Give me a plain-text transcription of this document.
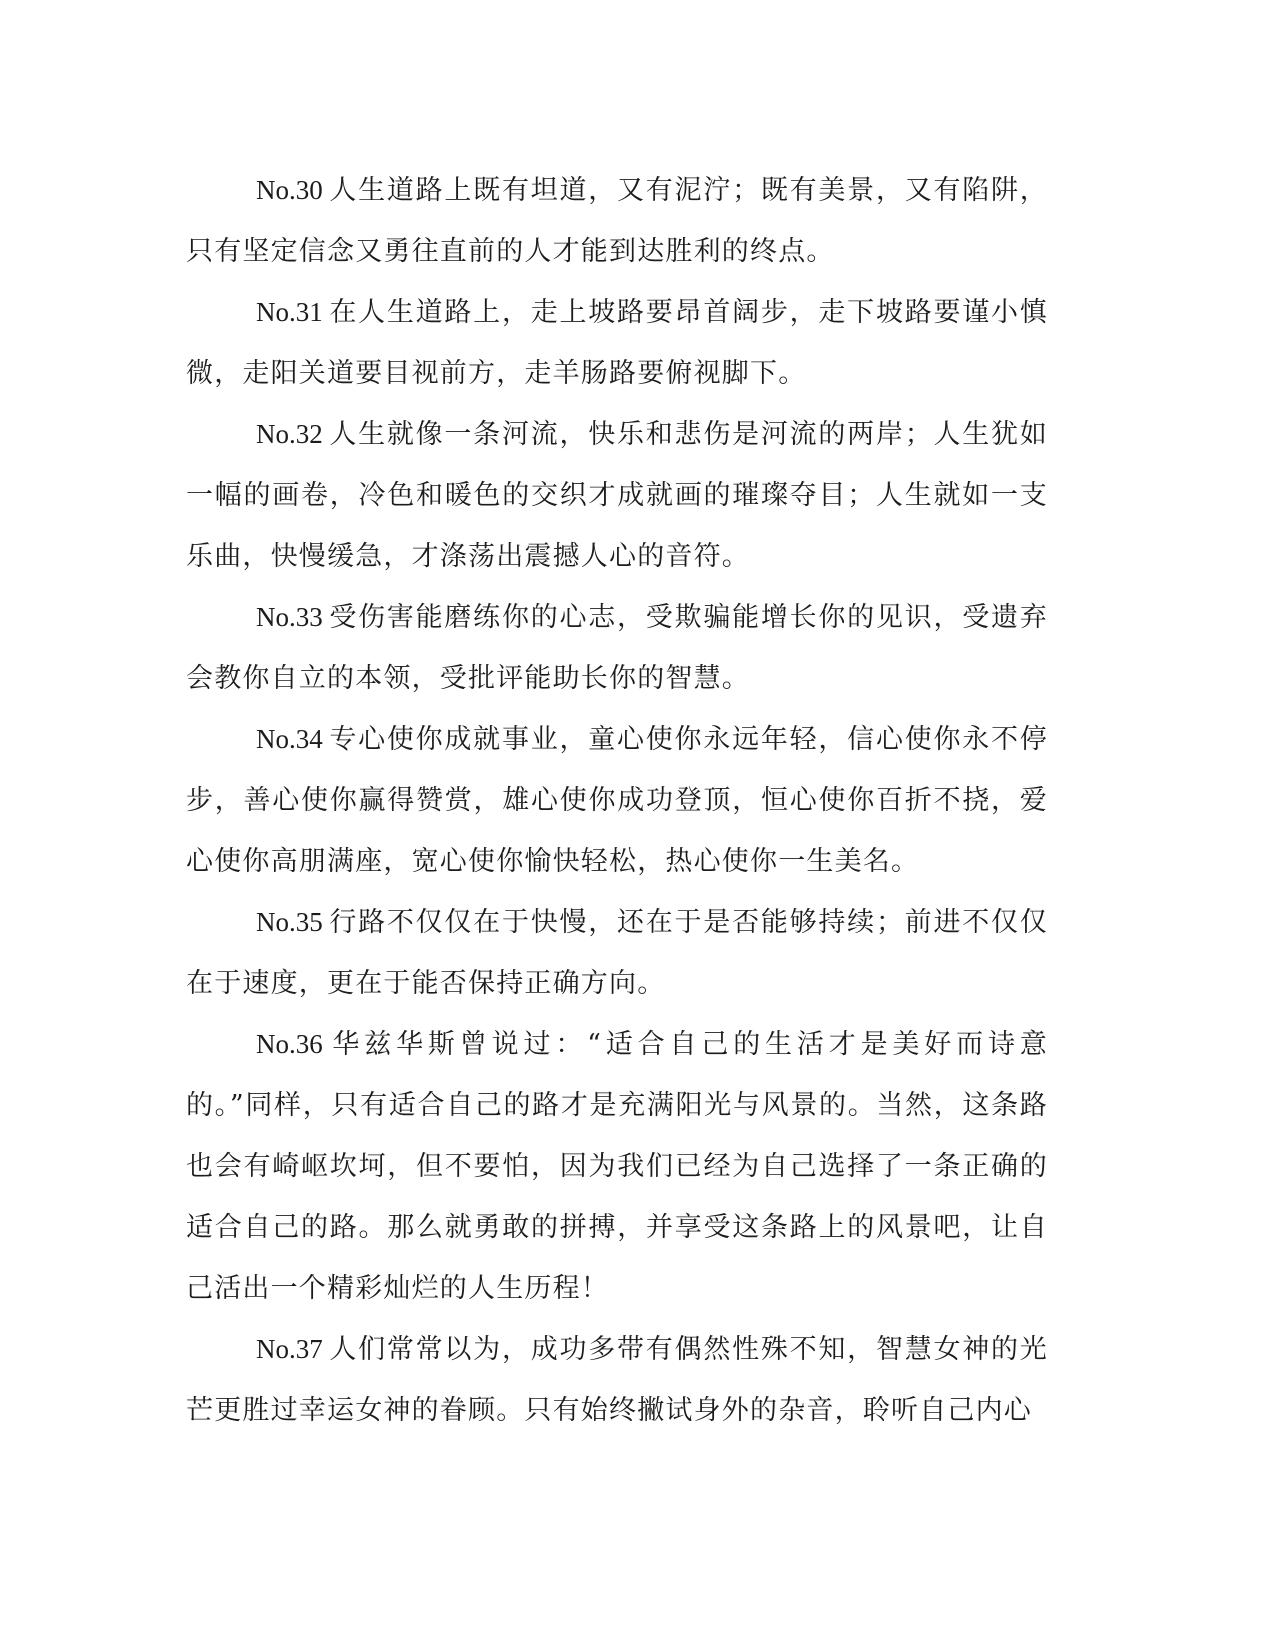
No.30 人生道路上既有坦道，又有泥泞；既有美景，又有陷阱，只有坚定信念又勇往直前的人才能到达胜利的终点。

No.31 在人生道路上，走上坡路要昂首阔步，走下坡路要谨小慎微，走阳关道要目视前方，走羊肠路要俯视脚下。

No.32 人生就像一条河流，快乐和悲伤是河流的两岸；人生犹如一幅的画卷，冷色和暖色的交织才成就画的璀璨夺目；人生就如一支乐曲，快慢缓急，才涤荡出震撼人心的音符。

No.33 受伤害能磨练你的心志，受欺骗能增长你的见识，受遗弃会教你自立的本领，受批评能助长你的智慧。

No.34 专心使你成就事业，童心使你永远年轻，信心使你永不停步，善心使你赢得赞赏，雄心使你成功登顶，恒心使你百折不挠，爱心使你高朋满座，宽心使你愉快轻松，热心使你一生美名。

No.35 行路不仅仅在于快慢，还在于是否能够持续；前进不仅仅在于速度，更在于能否保持正确方向。

No.36 华兹华斯曾说过：“适合自己的生活才是美好而诗意的。”同样，只有适合自己的路才是充满阳光与风景的。当然，这条路也会有崎岖坎坷，但不要怕，因为我们已经为自己选择了一条正确的适合自己的路。那么就勇敢的拼搏，并享受这条路上的风景吧，让自己活出一个精彩灿烂的人生历程！

No.37 人们常常以为，成功多带有偶然性殊不知，智慧女神的光芒更胜过幸运女神的眷顾。只有始终撇试身外的杂音，聆听自己内心
